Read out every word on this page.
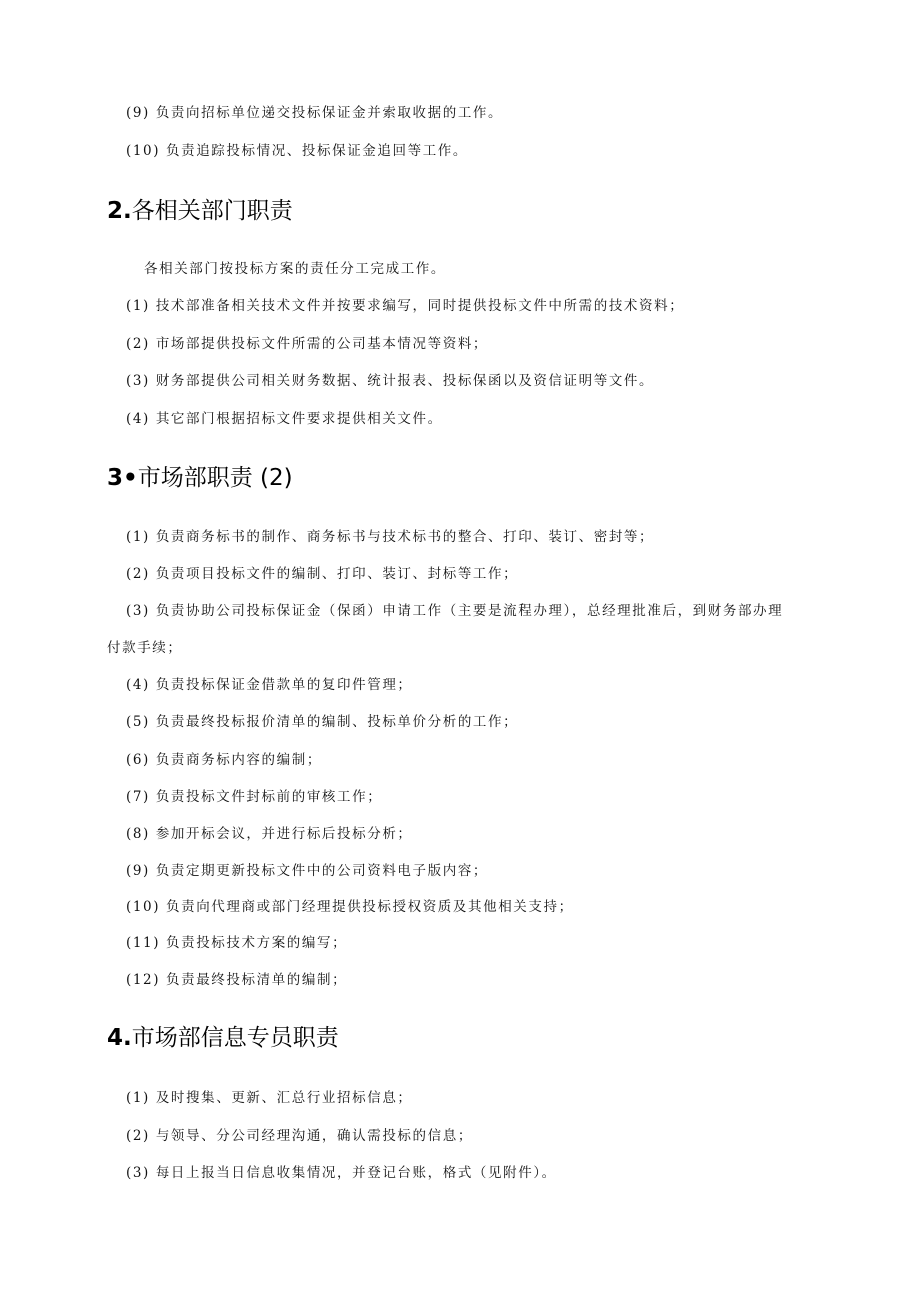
(9) 负责向招标单位递交投标保证金并索取收据的工作。
(10) 负责追踪投标情况、投标保证金追回等工作。
2.各相关部门职责
各相关部门按投标方案的责任分工完成工作。
(1) 技术部准备相关技术文件并按要求编写，同时提供投标文件中所需的技术资料；
(2) 市场部提供投标文件所需的公司基本情况等资料；
(3) 财务部提供公司相关财务数据、统计报表、投标保函以及资信证明等文件。
(4) 其它部门根据招标文件要求提供相关文件。
3•市场部职责 (2)
(1) 负责商务标书的制作、商务标书与技术标书的整合、打印、装订、密封等；
(2) 负责项目投标文件的编制、打印、装订、封标等工作；
(3) 负责协助公司投标保证金（保函）申请工作（主要是流程办理），总经理批准后，到财务部办理
付款手续；
(4) 负责投标保证金借款单的复印件管理；
(5) 负责最终投标报价清单的编制、投标单价分析的工作；
(6) 负责商务标内容的编制；
(7) 负责投标文件封标前的审核工作；
(8) 参加开标会议，并进行标后投标分析；
(9) 负责定期更新投标文件中的公司资料电子版内容；
(10) 负责向代理商或部门经理提供投标授权资质及其他相关支持；
(11) 负责投标技术方案的编写；
(12) 负责最终投标清单的编制；
4.市场部信息专员职责
(1) 及时搜集、更新、汇总行业招标信息；
(2) 与领导、分公司经理沟通，确认需投标的信息；
(3) 每日上报当日信息收集情况，并登记台账，格式（见附件）。
